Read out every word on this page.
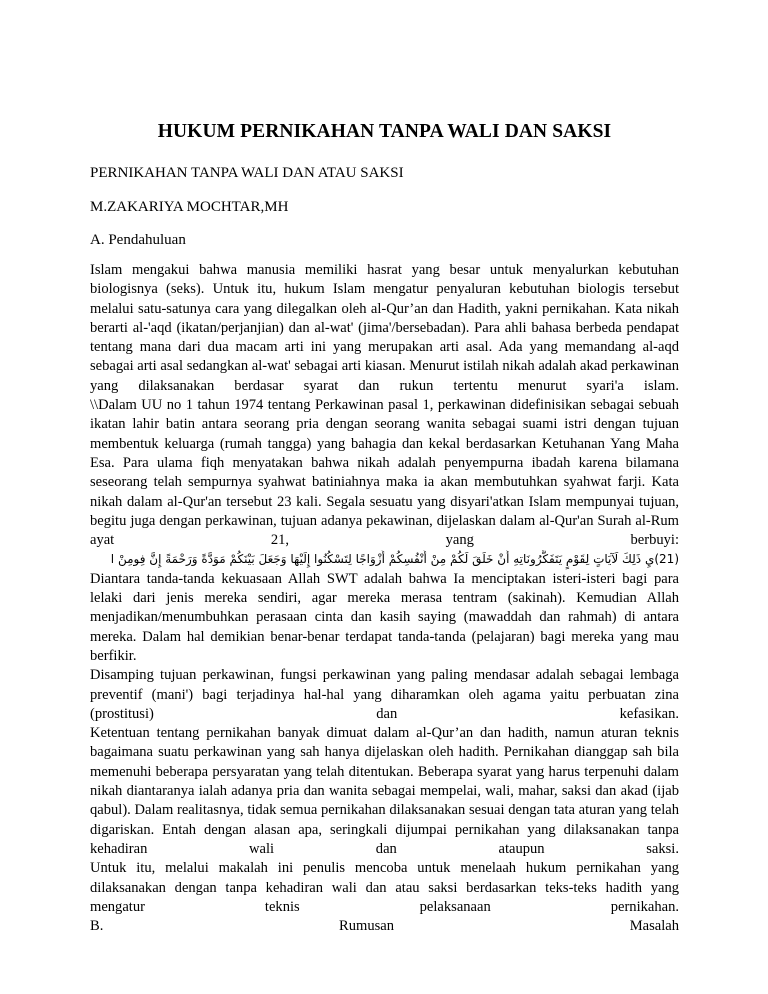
HUKUM PERNIKAHAN TANPA WALI DAN SAKSI
PERNIKAHAN TANPA WALI DAN ATAU SAKSI
M.ZAKARIYA MOCHTAR,MH
A. Pendahuluan

Islam mengakui bahwa manusia memiliki hasrat yang besar untuk menyalurkan kebutuhan biologisnya (seks). Untuk itu, hukum Islam mengatur penyaluran kebutuhan biologis tersebut melalui satu-satunya cara yang dilegalkan oleh al-Qur’an dan Hadith, yakni pernikahan. Kata nikah berarti al-'aqd (ikatan/perjanjian) dan al-wat' (jima'/bersebadan). Para ahli bahasa berbeda pendapat tentang mana dari dua macam arti ini yang merupakan arti asal. Ada yang memandang al-aqd sebagai arti asal sedangkan al-wat' sebagai arti kiasan. Menurut istilah nikah adalah akad perkawinan yang dilaksanakan berdasar syarat dan rukun tertentu menurut syari'a islam.

\\Dalam UU no 1 tahun 1974 tentang Perkawinan pasal 1, perkawinan didefinisikan sebagai sebuah ikatan lahir batin antara seorang pria dengan seorang wanita sebagai suami istri dengan tujuan membentuk keluarga (rumah tangga) yang bahagia dan kekal berdasarkan Ketuhanan Yang Maha Esa. Para ulama fiqh menyatakan bahwa nikah adalah penyempurna ibadah karena bilamana seseorang telah sempurnya syahwat batiniahnya maka ia akan membutuhkan syahwat farji. Kata nikah dalam al-Qur'an tersebut 23 kali. Segala sesuatu yang disyari'atkan Islam mempunyai tujuan, begitu juga dengan perkawinan, tujuan adanya pekawinan, dijelaskan dalam al-Qur'an Surah al-Rum ayat 21, yang berbuyi:

(21)يِ ذَلِكَ لَآيَاتٍ لِقَوْمٍ يَتَفَكَّرُونَاتِهِ أَنْ خَلَقَ لَكُمْ مِنْ أَنْفُسِكُمْ أَزْوَاجًا لِتَسْكُنُوا إِلَيْهَا وَجَعَلَ بَيْنَكُمْ مَوَدَّةً وَرَحْمَةً إِنَّ فِومِنْ ا

Diantara tanda-tanda kekuasaan Allah SWT adalah bahwa Ia menciptakan isteri-isteri bagi para lelaki dari jenis mereka sendiri, agar mereka merasa tentram (sakinah). Kemudian Allah menjadikan/menumbuhkan perasaan cinta dan kasih saying (mawaddah dan rahmah) di antara mereka. Dalam hal demikian benar-benar terdapat tanda-tanda (pelajaran) bagi mereka yang mau berfikir.

Disamping tujuan perkawinan, fungsi perkawinan yang paling mendasar adalah sebagai lembaga preventif (mani') bagi terjadinya hal-hal yang diharamkan oleh agama yaitu perbuatan zina (prostitusi) dan kefasikan.

Ketentuan tentang pernikahan banyak dimuat dalam al-Qur’an dan hadith, namun aturan teknis bagaimana suatu perkawinan yang sah hanya dijelaskan oleh hadith. Pernikahan dianggap sah bila memenuhi beberapa persyaratan yang telah ditentukan. Beberapa syarat yang harus terpenuhi dalam nikah diantaranya ialah adanya pria dan wanita sebagai mempelai, wali, mahar, saksi dan akad (ijab qabul). Dalam realitasnya, tidak semua pernikahan dilaksanakan sesuai dengan tata aturan yang telah digariskan. Entah dengan alasan apa, seringkali dijumpai pernikahan yang dilaksanakan tanpa kehadiran wali dan ataupun saksi.

Untuk itu, melalui makalah ini penulis mencoba untuk menelaah hukum pernikahan yang dilaksanakan dengan tanpa kehadiran wali dan atau saksi berdasarkan teks-teks hadith yang mengatur teknis pelaksanaan pernikahan.

B. Rumusan Masalah
